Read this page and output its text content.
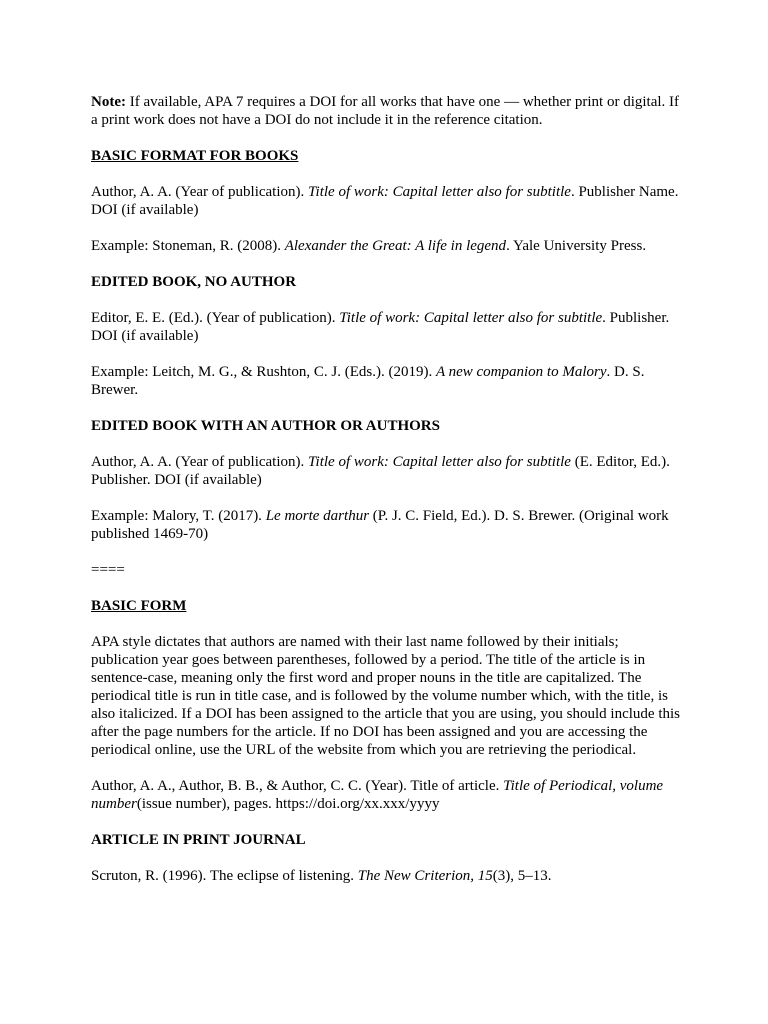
Note: If available, APA 7 requires a DOI for all works that have one — whether print or digital. If a print work does not have a DOI do not include it in the reference citation.

BASIC FORMAT FOR BOOKS

Author, A. A. (Year of publication). Title of work: Capital letter also for subtitle. Publisher Name. DOI (if available)

Example: Stoneman, R. (2008). Alexander the Great: A life in legend. Yale University Press.

EDITED BOOK, NO AUTHOR

Editor, E. E. (Ed.). (Year of publication). Title of work: Capital letter also for subtitle. Publisher. DOI (if available)

Example: Leitch, M. G., & Rushton, C. J. (Eds.). (2019). A new companion to Malory. D. S. Brewer.

EDITED BOOK WITH AN AUTHOR OR AUTHORS

Author, A. A. (Year of publication). Title of work: Capital letter also for subtitle (E. Editor, Ed.). Publisher. DOI (if available)

Example: Malory, T. (2017). Le morte darthur (P. J. C. Field, Ed.). D. S. Brewer. (Original work published 1469-70)

====

BASIC FORM

APA style dictates that authors are named with their last name followed by their initials; publication year goes between parentheses, followed by a period. The title of the article is in sentence-case, meaning only the first word and proper nouns in the title are capitalized. The periodical title is run in title case, and is followed by the volume number which, with the title, is also italicized. If a DOI has been assigned to the article that you are using, you should include this after the page numbers for the article. If no DOI has been assigned and you are accessing the periodical online, use the URL of the website from which you are retrieving the periodical.

Author, A. A., Author, B. B., & Author, C. C. (Year). Title of article. Title of Periodical, volume number(issue number), pages. https://doi.org/xx.xxx/yyyy

ARTICLE IN PRINT JOURNAL

Scruton, R. (1996). The eclipse of listening. The New Criterion, 15(3), 5–13.
